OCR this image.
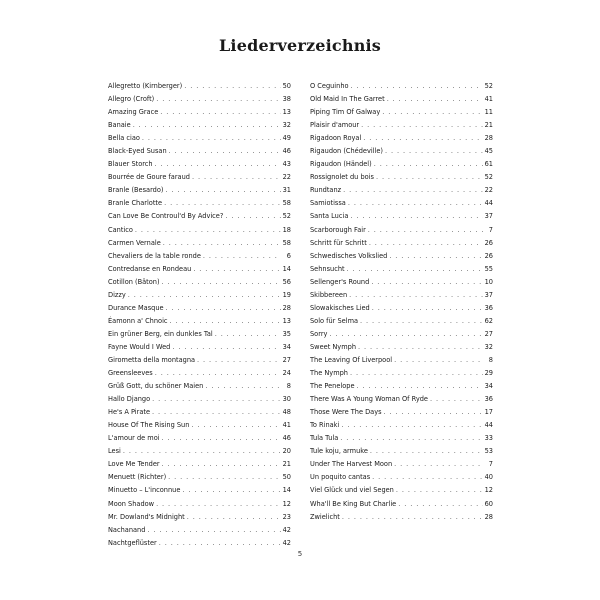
Liederverzeichnis
Allegretto (Kirnberger) . . .	50
Allegro (Croft) . . .	38
Amazing Grace . . .	13
Banaie . . .	32
Bella ciao . . .	49
Black-Eyed Susan . . .	46
Blauer Storch . . .	43
Bourrée de Goure faraud . . .	22
Branle (Besardo) . . .	31
Branle Charlotte . . .	58
Can Love Be Controul'd By Advice? . . .	52
Cantico . . .	18
Carmen Vernale . . .	58
Chevaliers de la table ronde . . .	6
Contredanse en Rondeau . . .	14
Cotillon (Bâton) . . .	56
Dizzy . . .	19
Durance Masque . . .	28
Éamonn a' Chnoic . . .	13
Ein grüner Berg, ein dunkles Tal . . .	35
Fayne Would I Wed . . .	34
Girometta della montagna . . .	27
Greensleeves . . .	24
Grüß Gott, du schöner Maien . . .	8
Hallo Django . . .	30
He's A Pirate . . .	48
House Of The Rising Sun . . .	41
L'amour de moi . . .	46
Lesi . . .	20
Love Me Tender . . .	21
Menuett (Richter) . . .	50
Minuetto – L'inconnue . . .	14
Moon Shadow . . .	12
Mr. Dowland's Midnight . . .	23
Nachanand . . .	42
Nachtgeflüster . . .	42
O Ceguinho . . .	52
Old Maid In The Garret . . .	41
Piping Tim Of Galway . . .	11
Plaisir d'amour . . .	21
Rigadoon Royal . . .	28
Rigaudon (Chédeville) . . .	45
Rigaudon (Händel) . . .	61
Rossignolet du bois . . .	52
Rundtanz . . .	22
Samiotissa . . .	44
Santa Lucia . . .	37
Scarborough Fair . . .	7
Schritt für Schritt . . .	26
Schwedisches Volkslied . . .	26
Sehnsucht . . .	55
Sellenger's Round . . .	10
Skibbereen . . .	37
Slowakisches Lied . . .	36
Solo für Selma . . .	62
Sorry . . .	27
Sweet Nymph . . .	32
The Leaving Of Liverpool . . .	8
The Nymph . . .	29
The Penelope . . .	34
There Was A Young Woman Of Ryde . . .	36
Those Were The Days . . .	17
To Rinaki . . .	44
Tula Tula . . .	33
Tule koju, armuke . . .	53
Under The Harvest Moon . . .	7
Un poquito cantas . . .	40
Viel Glück und viel Segen . . .	12
Wha'll Be King But Charlie . . .	60
Zwielicht . . .	28
5
